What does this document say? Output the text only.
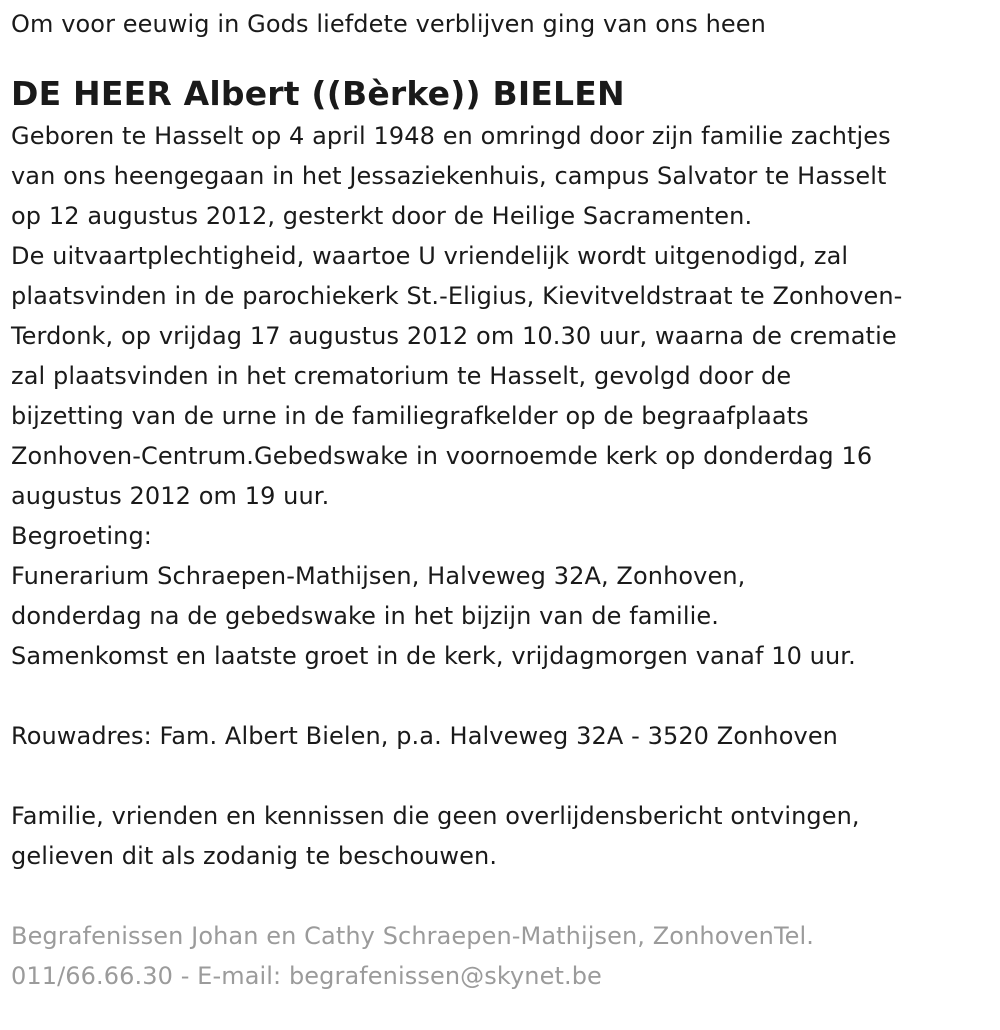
Om voor eeuwig in Gods liefdete verblijven ging van ons heen
DE HEER Albert ((Bèrke)) BIELEN
Geboren te Hasselt op 4 april 1948 en omringd door zijn familie zachtjes
van ons heengegaan in het Jessaziekenhuis, campus Salvator te Hasselt
op 12 augustus 2012, gesterkt door de Heilige Sacramenten.
De uitvaartplechtigheid, waartoe U vriendelijk wordt uitgenodigd, zal
plaatsvinden in de parochiekerk St.-Eligius, Kievitveldstraat te Zonhoven-
Terdonk, op vrijdag 17 augustus 2012 om 10.30 uur, waarna de crematie
zal plaatsvinden in het crematorium te Hasselt, gevolgd door de
bijzetting van de urne in de familiegrafkelder op de begraafplaats
Zonhoven-Centrum.Gebedswake in voornoemde kerk op donderdag 16
augustus 2012 om 19 uur.
Begroeting:
Funerarium Schraepen-Mathijsen, Halveweg 32A, Zonhoven,
donderdag na de gebedswake in het bijzijn van de familie.
Samenkomst en laatste groet in de kerk, vrijdagmorgen vanaf 10 uur.
Rouwadres: Fam. Albert Bielen, p.a. Halveweg 32A - 3520 Zonhoven
Familie, vrienden en kennissen die geen overlijdensbericht ontvingen,
gelieven dit als zodanig te beschouwen.
Begrafenissen Johan en Cathy Schraepen-Mathijsen, ZonhovenTel.
011/66.66.30 - E-mail: begrafenissen@skynet.be
